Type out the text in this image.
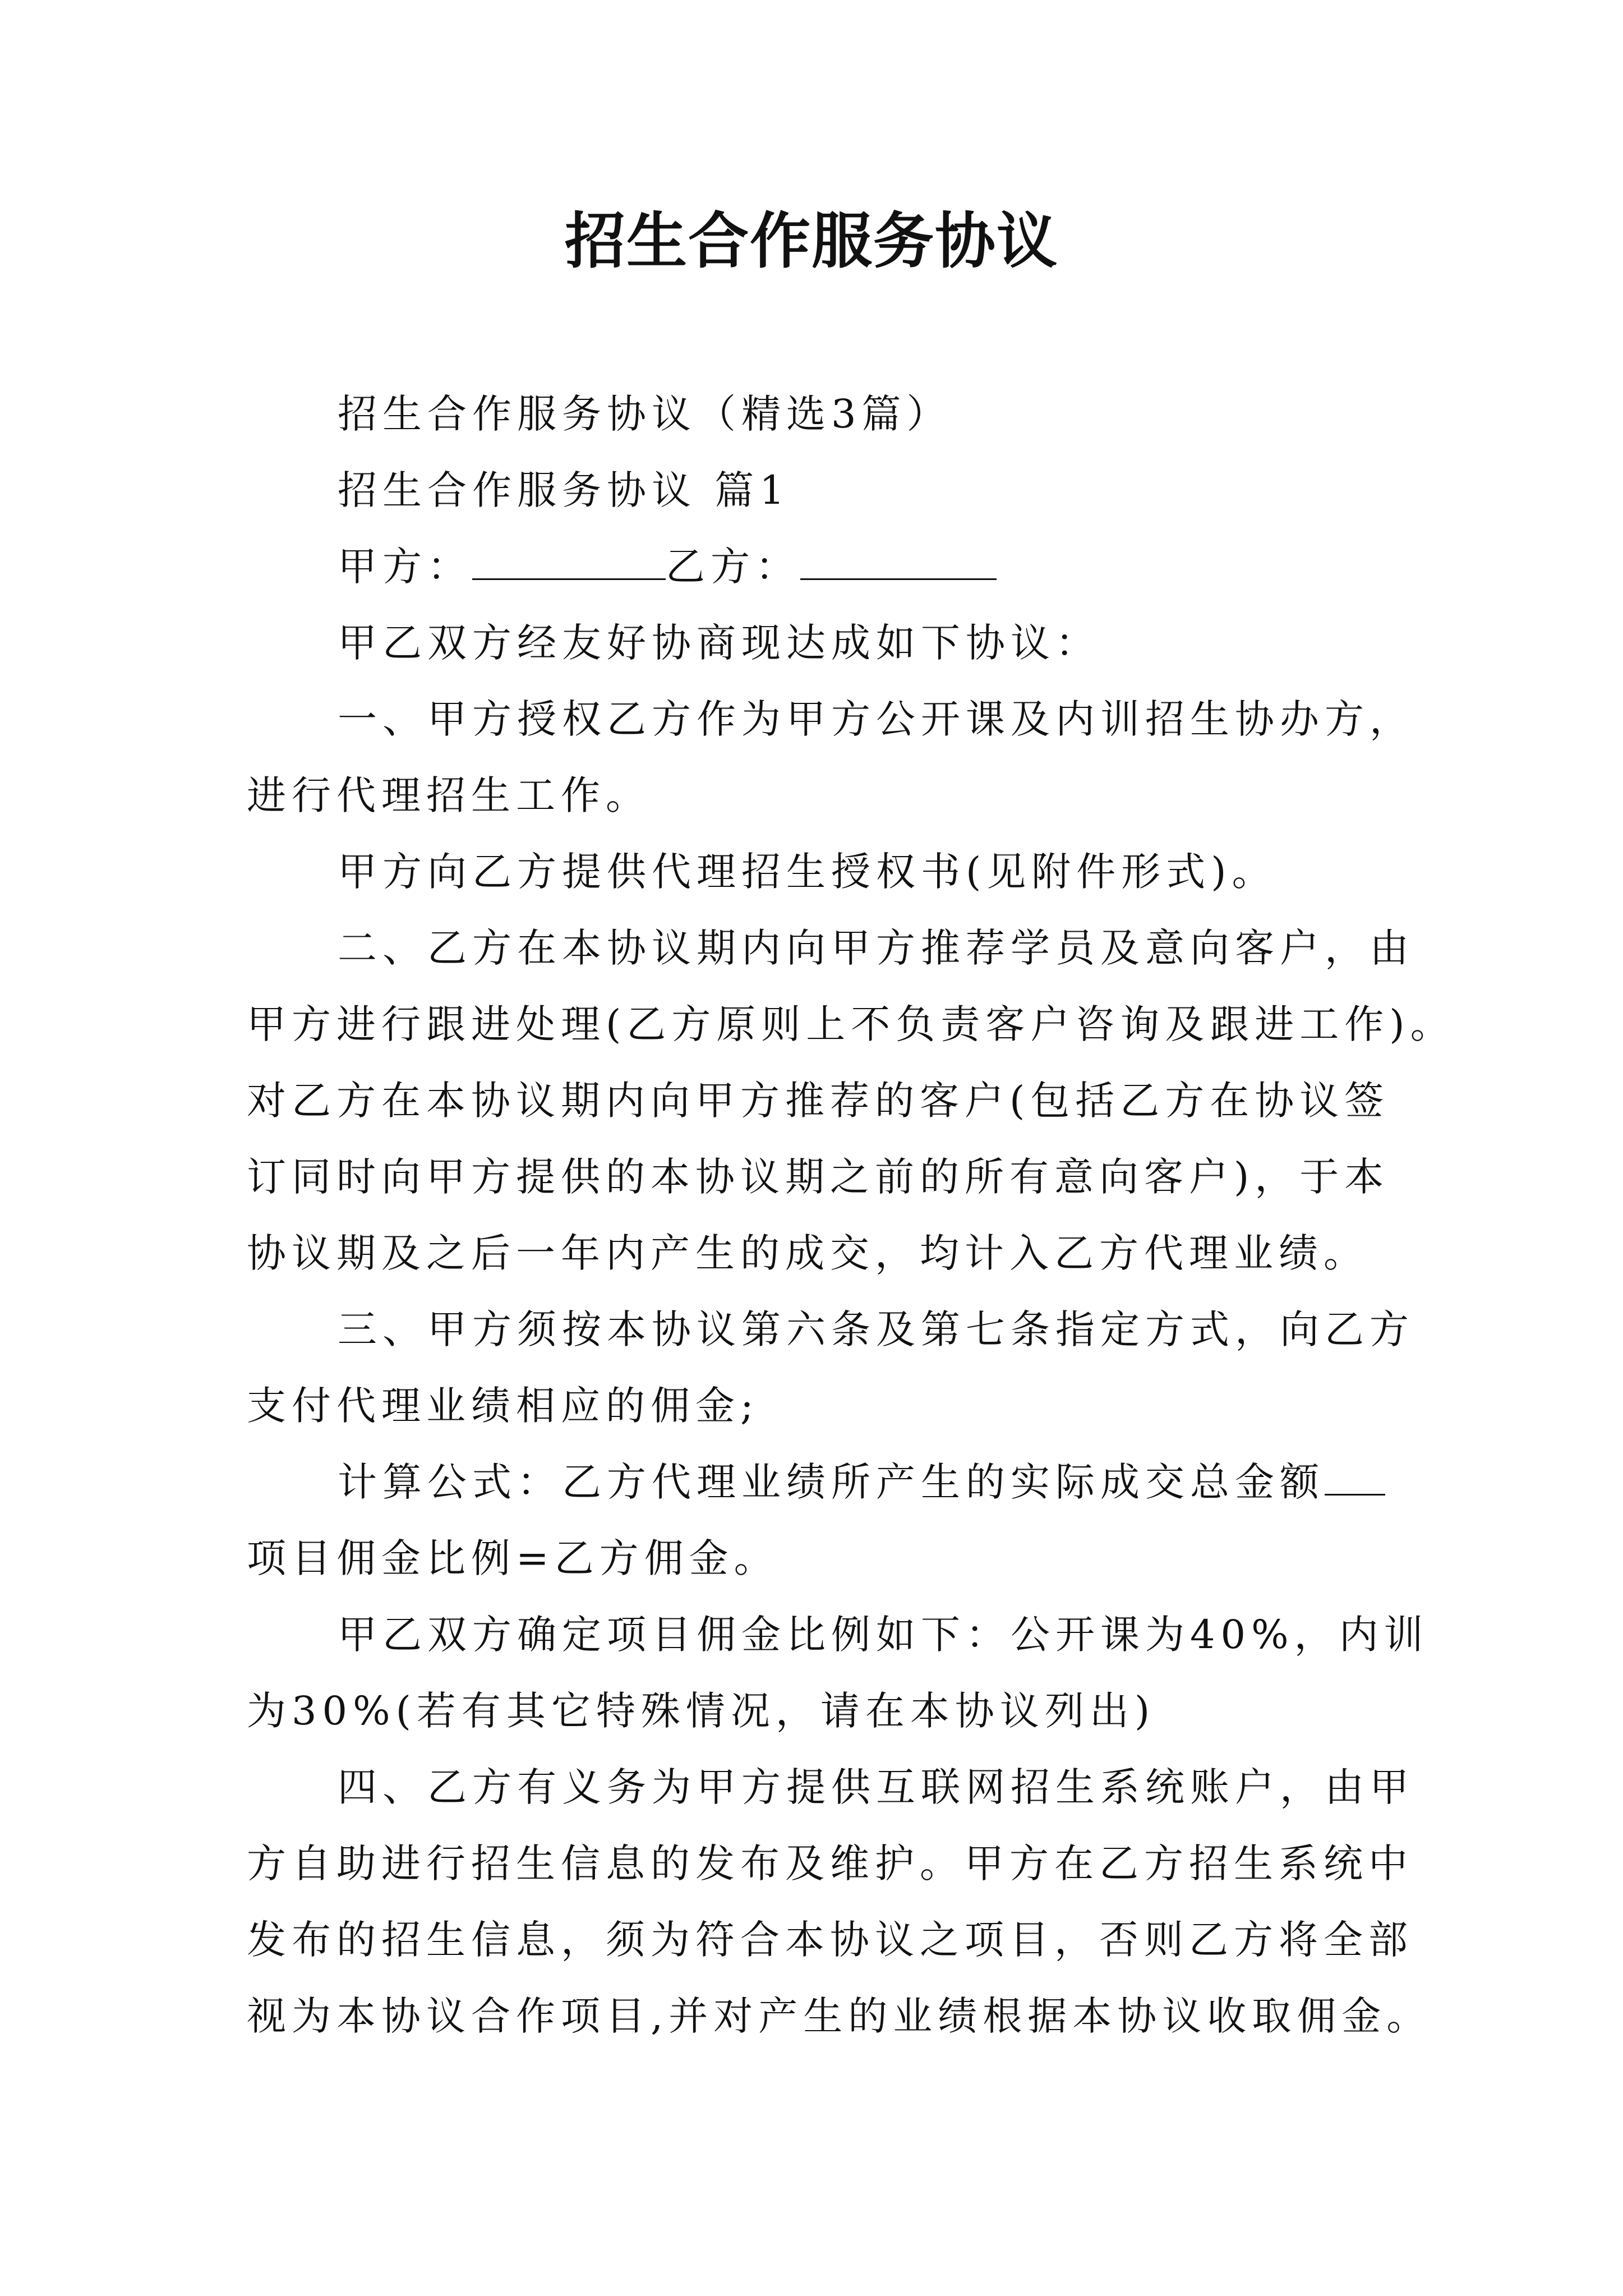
招生合作服务协议
招生合作服务协议（精选3篇）
招生合作服务协议 篇1
甲方：	乙方：
甲乙双方经友好协商现达成如下协议：
一、甲方授权乙方作为甲方公开课及内训招生协办方，
进行代理招生工作。
甲方向乙方提供代理招生授权书(见附件形式)。
二、乙方在本协议期内向甲方推荐学员及意向客户，由
甲方进行跟进处理(乙方原则上不负责客户咨询及跟进工作)。
对乙方在本协议期内向甲方推荐的客户(包括乙方在协议签
订同时向甲方提供的本协议期之前的所有意向客户)，于本
协议期及之后一年内产生的成交，均计入乙方代理业绩。
三、甲方须按本协议第六条及第七条指定方式，向乙方
支付代理业绩相应的佣金;
计算公式：乙方代理业绩所产生的实际成交总金额
项目佣金比例=乙方佣金。
甲乙双方确定项目佣金比例如下：公开课为40%，内训
为30%(若有其它特殊情况，请在本协议列出)
四、乙方有义务为甲方提供互联网招生系统账户，由甲
方自助进行招生信息的发布及维护。甲方在乙方招生系统中
发布的招生信息，须为符合本协议之项目，否则乙方将全部
视为本协议合作项目,并对产生的业绩根据本协议收取佣金。
